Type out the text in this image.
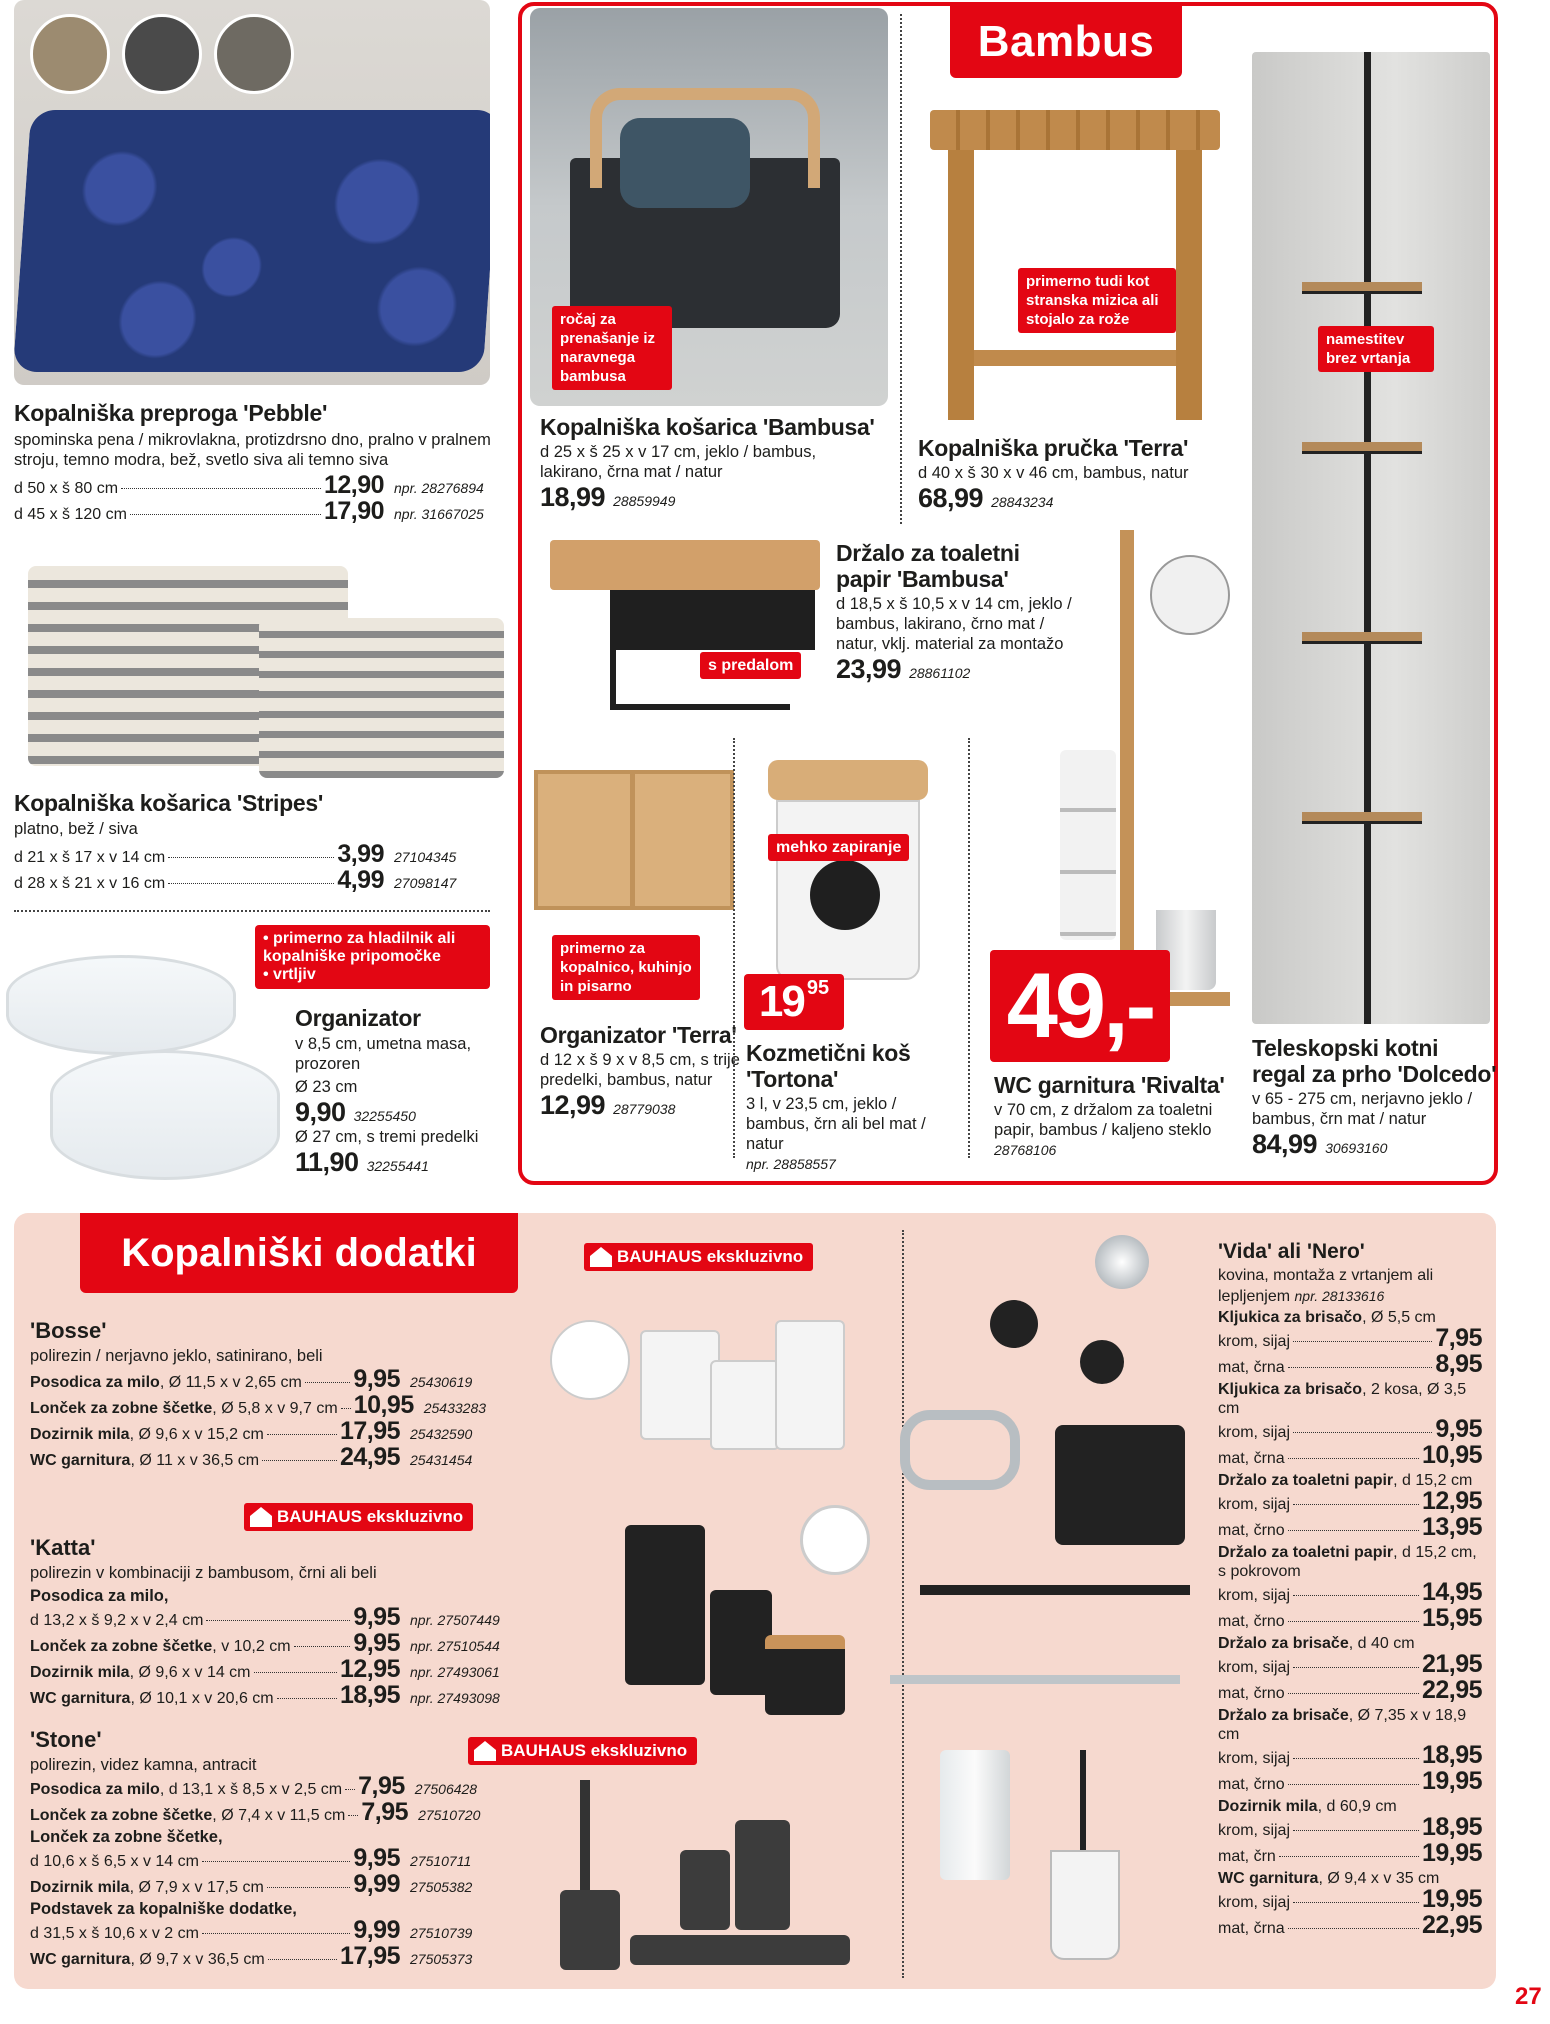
Kopalniška preproga 'Pebble'
spominska pena / mikrovlakna, protizdrsno dno, pralno v pralnem stroju, temno modra, bež, svetlo siva ali temno siva
d 50 x š 80 cm	12,90 npr. 28276894
d 45 x š 120 cm	17,90 npr. 31667025
Kopalniška košarica 'Stripes'
platno, bež / siva
d 21 x š 17 x v 14 cm	3,99 27104345
d 28 x š 21 x v 16 cm	4,99 27098147
• primerno za hladilnik ali kopalniške pripomočke
• vrtljiv
Organizator
v 8,5 cm, umetna masa, prozoren
Ø 23 cm
9,90 32255450
Ø 27 cm, s tremi predelki
11,90 32255441
Bambus
ročaj za prenašanje iz naravnega bambusa
Kopalniška košarica 'Bambusa'
d 25 x š 25 x v 17 cm, jeklo / bambus, lakirano, črna mat / natur
18,99 28859949
primerno tudi kot stranska mizica ali stojalo za rože
Kopalniška pručka 'Terra'
d 40 x š 30 x v 46 cm, bambus, natur
68,99 28843234
namestitev brez vrtanja
Teleskopski kotni regal za prho 'Dolcedo'
v 65 - 275 cm, nerjavno jeklo / bambus, črn mat / natur
84,99 30693160
s predalom
Držalo za toaletni papir 'Bambusa'
d 18,5 x š 10,5 x v 14 cm, jeklo / bambus, lakirano, črno mat / natur, vklj. material za montažo
23,99 28861102
49,-
WC garnitura 'Rivalta'
v 70 cm, z držalom za toaletni papir, bambus / kaljeno steklo 28768106
primerno za kopalnico, kuhinjo in pisarno
Organizator 'Terra'
d 12 x š 9 x v 8,5 cm, s trije predelki, bambus, natur
12,99 28779038
mehko zapiranje
19 95
Kozmetični koš 'Tortona'
3 l, v 23,5 cm, jeklo / bambus, črn ali bel mat / natur
npr. 28858557
Kopalniški dodatki
'Bosse'
polirezin / nerjavno jeklo, satinirano, beli
Posodica za milo, Ø 11,5 x v 2,65 cm 9,95 25430619
Lonček za zobne ščetke, Ø 5,8 x v 9,7 cm 10,95 25433283
Dozirnik mila, Ø 9,6 x v 15,2 cm	17,95 25432590
WC garnitura, Ø 11 x v 36,5 cm	24,95 25431454
BAUHAUS ekskluzivno
BAUHAUS ekskluzivno
'Katta'
polirezin v kombinaciji z bambusom, črni ali beli
Posodica za milo,
d 13,2 x š 9,2 x v 2,4 cm	9,95 npr. 27507449
Lonček za zobne ščetke, v 10,2 cm	9,95 npr. 27510544
Dozirnik mila, Ø 9,6 x v 14 cm	12,95 npr. 27493061
WC garnitura, Ø 10,1 x v 20,6 cm	18,95 npr. 27493098
BAUHAUS ekskluzivno
'Stone'
polirezin, videz kamna, antracit
Posodica za milo, d 13,1 x š 8,5 x v 2,5 cm 7,95 27506428
Lonček za zobne ščetke, Ø 7,4 x v 11,5 cm 7,95 27510720
Lonček za zobne ščetke,
d 10,6 x š 6,5 x v 14 cm	9,95 27510711
Dozirnik mila, Ø 7,9 x v 17,5 cm	9,99 27505382
Podstavek za kopalniške dodatke,
d 31,5 x š 10,6 x v 2 cm	9,99 27510739
WC garnitura, Ø 9,7 x v 36,5 cm	17,95 27505373
'Vida' ali 'Nero'
kovina, montaža z vrtanjem ali lepljenjem npr. 28133616
Kljukica za brisačo, Ø 5,5 cm
krom, sijaj	7,95
mat, črna	8,95
Kljukica za brisačo, 2 kosa, Ø 3,5 cm
krom, sijaj	9,95
mat, črna	10,95
Držalo za toaletni papir, d 15,2 cm
krom, sijaj	12,95
mat, črno	13,95
Držalo za toaletni papir, d 15,2 cm, s pokrovom
krom, sijaj	14,95
mat, črno	15,95
Držalo za brisače, d 40 cm
krom, sijaj	21,95
mat, črno	22,95
Držalo za brisače, Ø 7,35 x v 18,9 cm
krom, sijaj	18,95
mat, črno	19,95
Dozirnik mila, d 60,9 cm
krom, sijaj	18,95
mat, črn	19,95
WC garnitura, Ø 9,4 x v 35 cm
krom, sijaj	19,95
mat, črna	22,95
27
